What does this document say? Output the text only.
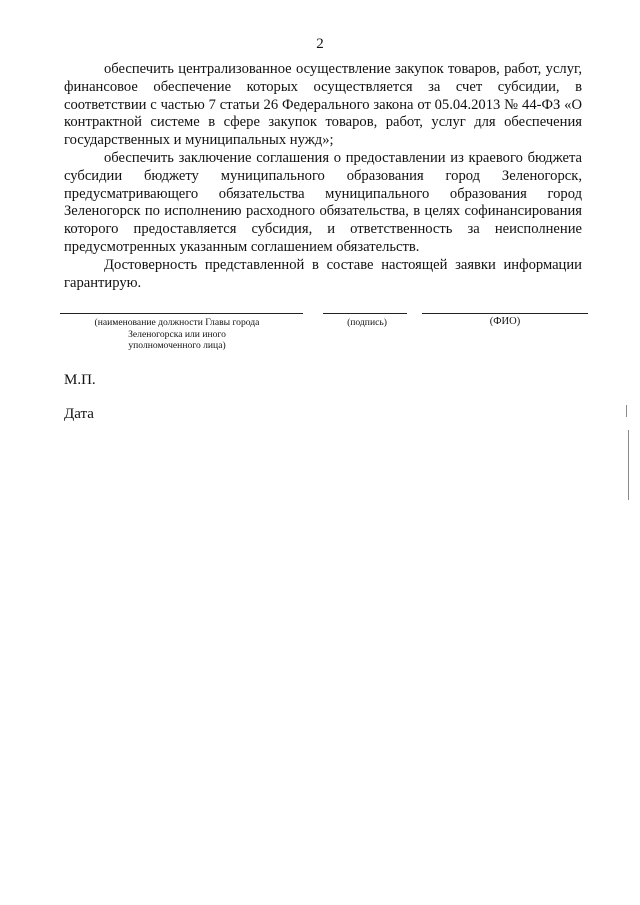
2

обеспечить централизованное осуществление закупок товаров, работ, услуг, финансовое обеспечение которых осуществляется за счет субсидии, в соответствии с частью 7 статьи 26 Федерального закона от 05.04.2013 № 44-ФЗ «О контрактной системе в сфере закупок товаров, работ, услуг для обеспечения государственных и муниципальных нужд»;

обеспечить заключение соглашения о предоставлении из краевого бюджета субсидии бюджету муниципального образования город Зеленогорск, предусматривающего обязательства муниципального образования город Зеленогорск по исполнению расходного обязательства, в целях софинансирования которого предоставляется субсидия, и ответственность за неисполнение предусмотренных указанным соглашением обязательств.

Достоверность представленной в составе настоящей заявки информации гарантирую.

(наименование должности Главы города Зеленогорска или иного уполномоченного лица)
(подпись)	(ФИО)
М.П.
Дата
